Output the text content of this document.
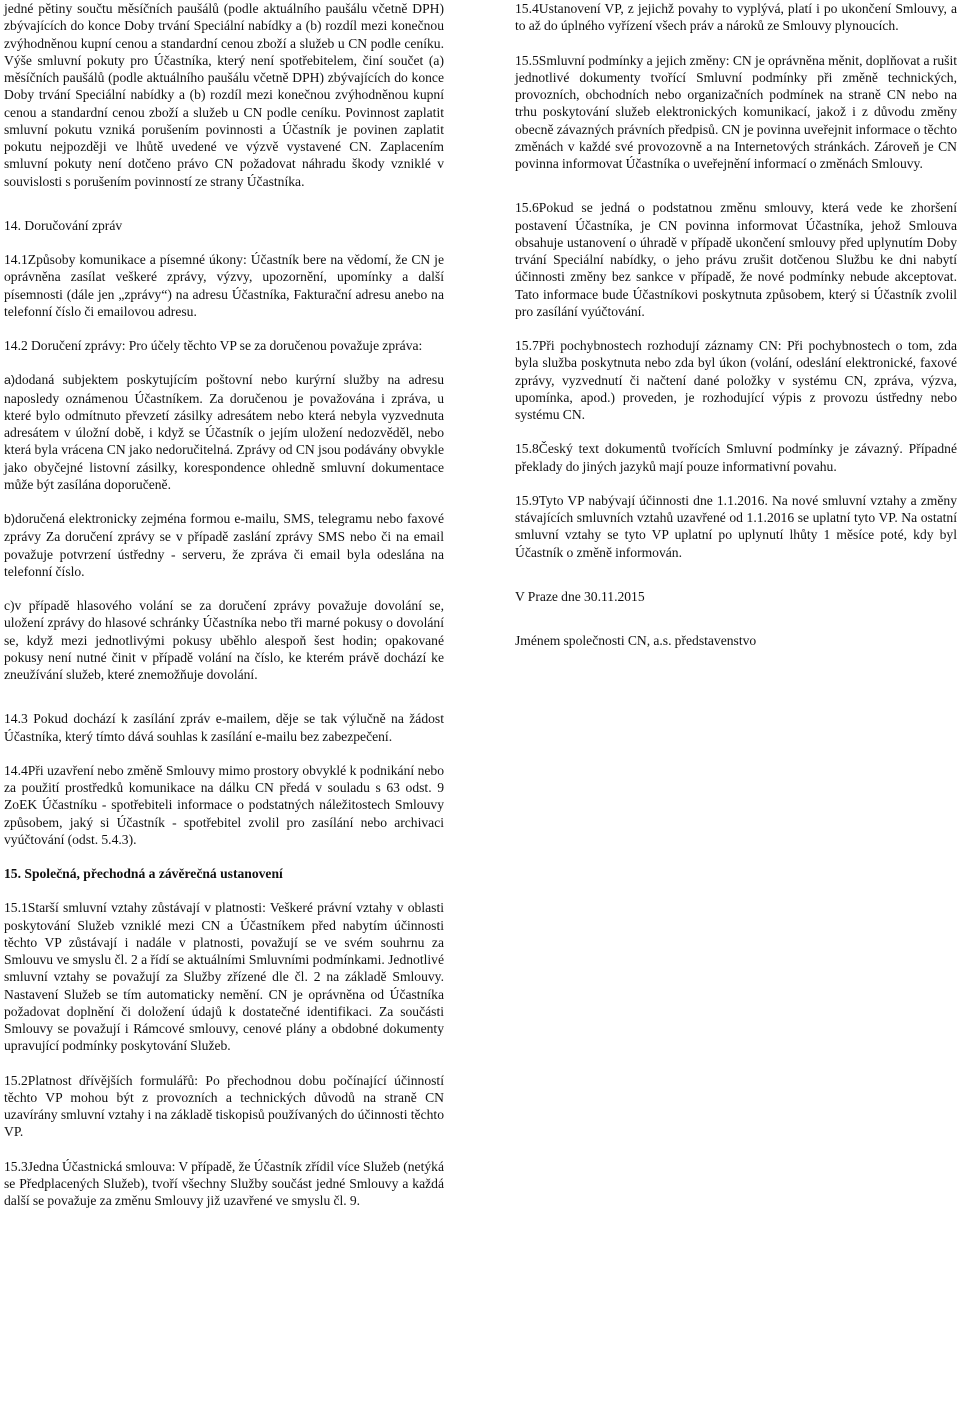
jedné pětiny součtu měsíčních paušálů (podle aktuálního paušálu včetně DPH) zbývajících do konce Doby trvání Speciální nabídky a (b) rozdíl mezi konečnou zvýhodněnou kupní cenou a standardní cenou zboží a služeb u CN podle ceníku. Výše smluvní pokuty pro Účastníka, který není spotřebitelem, činí součet (a) měsíčních paušálů (podle aktuálního paušálu včetně DPH) zbývajících do konce Doby trvání Speciální nabídky a (b) rozdíl mezi konečnou zvýhodněnou kupní cenou a standardní cenou zboží a služeb u CN podle ceníku. Povinnost zaplatit smluvní pokutu vzniká porušením povinnosti a Účastník je povinen zaplatit pokutu nejpozději ve lhůtě uvedené ve výzvě vystavené CN. Zaplacením smluvní pokuty není dotčeno právo CN požadovat náhradu škody vzniklé v souvislosti s porušením povinností ze strany Účastníka.

14. Doručování zpráv

14.1Způsoby komunikace a písemné úkony: Účastník bere na vědomí, že CN je oprávněna zasílat veškeré zprávy, výzvy, upozornění, upomínky a další písemnosti (dále jen „zprávy“) na adresu Účastníka, Fakturační adresu anebo na telefonní číslo či emailovou adresu.

14.2 Doručení zprávy: Pro účely těchto VP se za doručenou považuje zpráva:

a)dodaná subjektem poskytujícím poštovní nebo kurýrní služby na adresu naposledy oznámenou Účastníkem. Za doručenou je považována i zpráva, u které bylo odmítnuto převzetí zásilky adresátem nebo která nebyla vyzvednuta adresátem v úložní době, i když se Účastník o jejím uložení nedozvěděl, nebo která byla vrácena CN jako nedoručitelná. Zprávy od CN jsou podávány obvykle jako obyčejné listovní zásilky, korespondence ohledně smluvní dokumentace může být zasílána doporučeně.

b)doručená elektronicky zejména formou e-mailu, SMS, telegramu nebo faxové zprávy Za doručení zprávy se v případě zaslání zprávy SMS nebo či na email považuje potvrzení ústředny - serveru, že zpráva či email byla odeslána na telefonní číslo.

c)v případě hlasového volání se za doručení zprávy považuje dovolání se, uložení zprávy do hlasové schránky Účastníka nebo tři marné pokusy o dovolání se, když mezi jednotlivými pokusy uběhlo alespoň šest hodin; opakované pokusy není nutné činit v případě volání na číslo, ke kterém právě dochází ke zneužívání služeb, které znemožňuje dovolání.

14.3 Pokud dochází k zasílání zpráv e-mailem, děje se tak výlučně na žádost Účastníka, který tímto dává souhlas k zasílání e-mailu bez zabezpečení.

14.4Při uzavření nebo změně Smlouvy mimo prostory obvyklé k podnikání nebo za použití prostředků komunikace na dálku CN předá v souladu s 63 odst. 9 ZoEK Účastníku - spotřebiteli informace o podstatných náležitostech Smlouvy způsobem, jaký si Účastník - spotřebitel zvolil pro zasílání nebo archivaci vyúčtování (odst. 5.4.3).

15. Společná, přechodná a závěrečná ustanovení

15.1Starší smluvní vztahy zůstávají v platnosti: Veškeré právní vztahy v oblasti poskytování Služeb vzniklé mezi CN a Účastníkem před nabytím účinnosti těchto VP zůstávají i nadále v platnosti, považují se ve svém souhrnu za Smlouvu ve smyslu čl. 2 a řídí se aktuálními Smluvními podmínkami. Jednotlivé smluvní vztahy se považují za Služby zřízené dle čl. 2 na základě Smlouvy. Nastavení Služeb se tím automaticky nemění. CN je oprávněna od Účastníka požadovat doplnění či doložení údajů k dostatečné identifikaci. Za součásti Smlouvy se považují i Rámcové smlouvy, cenové plány a obdobné dokumenty upravující podmínky poskytování Služeb.

15.2Platnost dřívějších formulářů: Po přechodnou dobu počínající účinností těchto VP mohou být z provozních a technických důvodů na straně CN uzavírány smluvní vztahy i na základě tiskopisů používaných do účinnosti těchto VP.

15.3Jedna Účastnická smlouva: V případě, že Účastník zřídil více Služeb (netýká se Předplacených Služeb), tvoří všechny Služby součást jedné Smlouvy a každá další se považuje za změnu Smlouvy již uzavřené ve smyslu čl. 9.

15.4Ustanovení VP, z jejichž povahy to vyplývá, platí i po ukončení Smlouvy, a to až do úplného vyřízení všech práv a nároků ze Smlouvy plynoucích.

15.5Smluvní podmínky a jejich změny: CN je oprávněna měnit, doplňovat a rušit jednotlivé dokumenty tvořící Smluvní podmínky při změně technických, provozních, obchodních nebo organizačních podmínek na straně CN nebo na trhu poskytování služeb elektronických komunikací, jakož i z důvodu změny obecně závazných právních předpisů. CN je povinna uveřejnit informace o těchto změnách v každé své provozovně a na Internetových stránkách. Zároveň je CN povinna informovat Účastníka o uveřejnění informací o změnách Smlouvy.

15.6Pokud se jedná o podstatnou změnu smlouvy, která vede ke zhoršení postavení Účastníka, je CN povinna informovat Účastníka, jehož Smlouva obsahuje ustanovení o úhradě v případě ukončení smlouvy před uplynutím Doby trvání Speciální nabídky, o jeho právu zrušit dotčenou Službu ke dni nabytí účinnosti změny bez sankce v případě, že nové podmínky nebude akceptovat. Tato informace bude Účastníkovi poskytnuta způsobem, který si Účastník zvolil pro zasílání vyúčtování.

15.7Při pochybnostech rozhodují záznamy CN: Při pochybnostech o tom, zda byla služba poskytnuta nebo zda byl úkon (volání, odeslání elektronické, faxové zprávy, vyzvednutí či načtení dané položky v systému CN, zpráva, výzva, upomínka, apod.) proveden, je rozhodující výpis z provozu ústředny nebo systému CN.

15.8Český text dokumentů tvořících Smluvní podmínky je závazný. Případné překlady do jiných jazyků mají pouze informativní povahu.

15.9Tyto VP nabývají účinnosti dne 1.1.2016. Na nové smluvní vztahy a změny stávajících smluvních vztahů uzavřené od 1.1.2016 se uplatní tyto VP. Na ostatní smluvní vztahy se tyto VP uplatní po uplynutí lhůty 1 měsíce poté, kdy byl Účastník o změně informován.

V Praze dne 30.11.2015

Jménem společnosti CN, a.s. představenstvo
